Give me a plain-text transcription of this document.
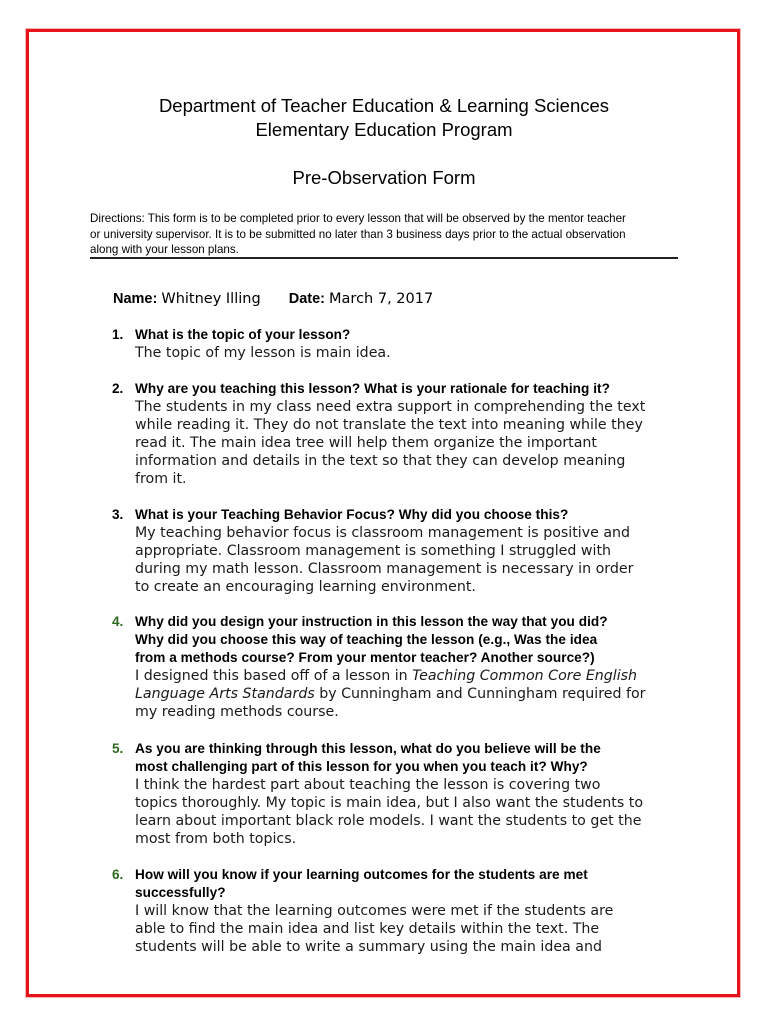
Department of Teacher Education & Learning Sciences
Elementary Education Program
Pre-Observation Form
Directions: This form is to be completed prior to every lesson that will be observed by the mentor teacher
or university supervisor. It is to be submitted no later than 3 business days prior to the actual observation
along with your lesson plans.
Name: Whitney Illing Date: March 7, 2017
1. What is the topic of your lesson?
The topic of my lesson is main idea.
2. Why are you teaching this lesson? What is your rationale for teaching it?
The students in my class need extra support in comprehending the text
while reading it. They do not translate the text into meaning while they
read it. The main idea tree will help them organize the important
information and details in the text so that they can develop meaning
from it.
3. What is your Teaching Behavior Focus? Why did you choose this?
My teaching behavior focus is classroom management is positive and
appropriate. Classroom management is something I struggled with
during my math lesson. Classroom management is necessary in order
to create an encouraging learning environment.
4. Why did you design your instruction in this lesson the way that you did?
Why did you choose this way of teaching the lesson (e.g., Was the idea
from a methods course? From your mentor teacher? Another source?)
I designed this based off of a lesson in Teaching Common Core English
Language Arts Standards by Cunningham and Cunningham required for
my reading methods course.
5. As you are thinking through this lesson, what do you believe will be the
most challenging part of this lesson for you when you teach it? Why?
I think the hardest part about teaching the lesson is covering two
topics thoroughly. My topic is main idea, but I also want the students to
learn about important black role models. I want the students to get the
most from both topics.
6. How will you know if your learning outcomes for the students are met
successfully?
I will know that the learning outcomes were met if the students are
able to find the main idea and list key details within the text. The
students will be able to write a summary using the main idea and
